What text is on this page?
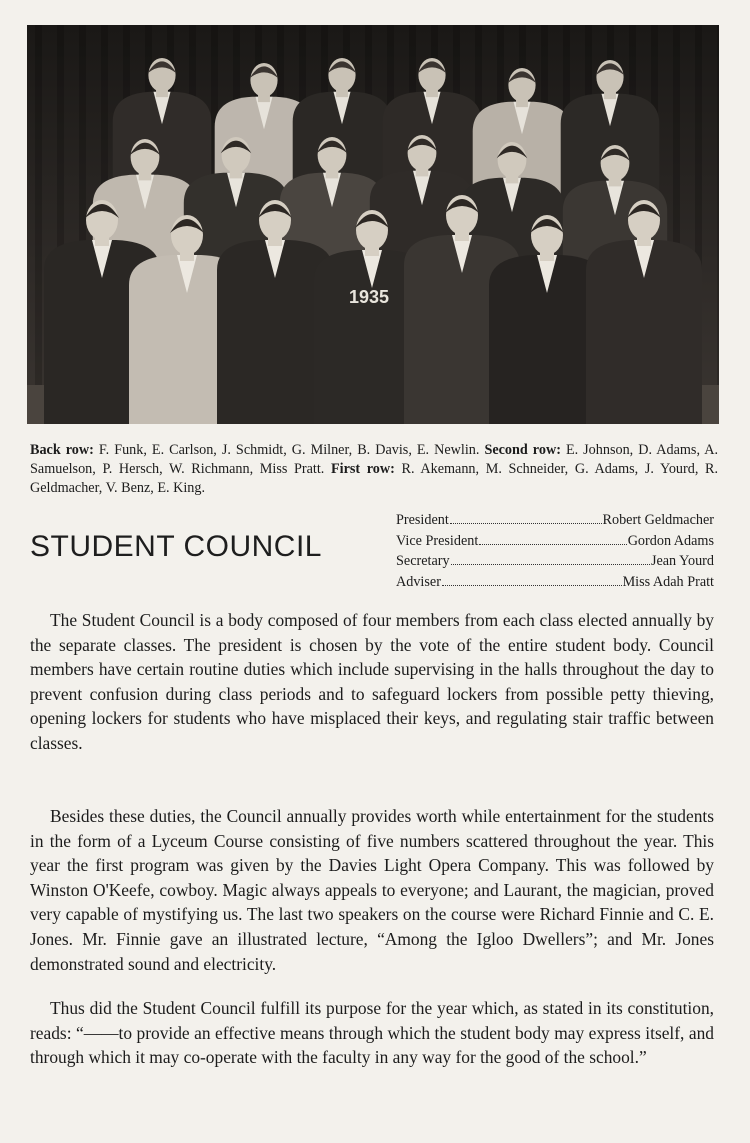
1935
Back row: F. Funk, E. Carlson, J. Schmidt, G. Milner, B. Davis, E. Newlin. Second row: E. Johnson, D. Adams, A. Samuelson, P. Hersch, W. Richmann, Miss Pratt. First row: R. Akemann, M. Schneider, G. Adams, J. Yourd, R. Geldmacher, V. Benz, E. King.
STUDENT COUNCIL
President	Robert Geldmacher
Vice President	Gordon Adams
Secretary	Jean Yourd
Adviser	Miss Adah Pratt

The Student Council is a body composed of four members from each class elected annually by the separate classes. The president is chosen by the vote of the entire student body. Council members have certain routine duties which include supervising in the halls throughout the day to prevent confusion during class periods and to safeguard lockers from possible petty thieving, opening lockers for students who have misplaced their keys, and regulating stair traffic between classes.

Besides these duties, the Council annually provides worth while entertainment for the students in the form of a Lyceum Course consisting of five numbers scattered throughout the year. This year the first program was given by the Davies Light Opera Company. This was followed by Winston O'Keefe, cowboy. Magic always appeals to everyone; and Laurant, the magician, proved very capable of mystifying us. The last two speakers on the course were Richard Finnie and C. E. Jones. Mr. Finnie gave an illustrated lecture, “Among the Igloo Dwellers”; and Mr. Jones demonstrated sound and electricity.

Thus did the Student Council fulfill its purpose for the year which, as stated in its constitution, reads: “——to provide an effective means through which the student body may express itself, and through which it may co-operate with the faculty in any way for the good of the school.”
